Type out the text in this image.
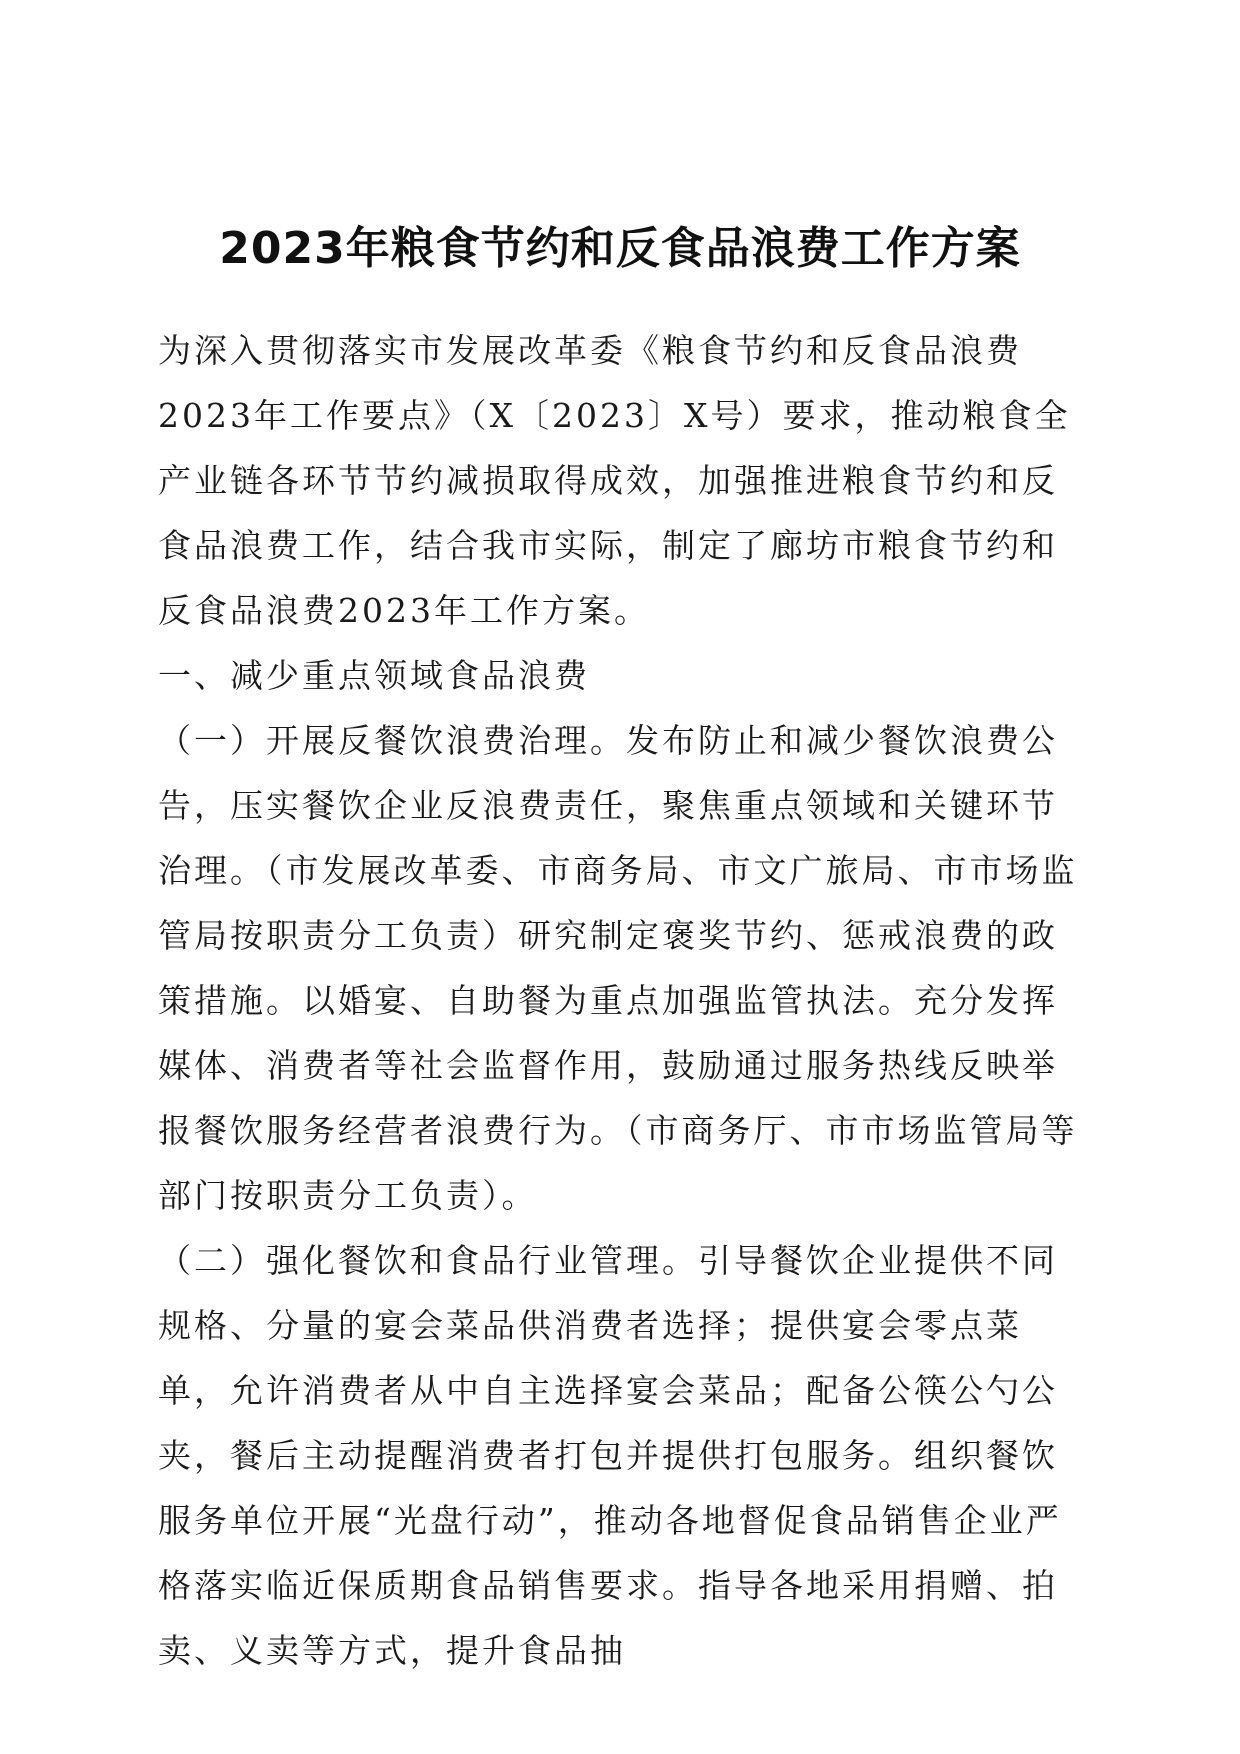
2023年粮食节约和反食品浪费工作方案

为深入贯彻落实市发展改革委《粮食节约和反食品浪费2023年工作要点》（X〔2023〕X号）要求，推动粮食全产业链各环节节约减损取得成效，加强推进粮食节约和反食品浪费工作，结合我市实际，制定了廊坊市粮食节约和反食品浪费2023年工作方案。

一、减少重点领域食品浪费

（一）开展反餐饮浪费治理。发布防止和减少餐饮浪费公告，压实餐饮企业反浪费责任，聚焦重点领域和关键环节治理。（市发展改革委、市商务局、市文广旅局、市市场监管局按职责分工负责）研究制定褒奖节约、惩戒浪费的政策措施。以婚宴、自助餐为重点加强监管执法。充分发挥媒体、消费者等社会监督作用，鼓励通过服务热线反映举报餐饮服务经营者浪费行为。（市商务厅、市市场监管局等部门按职责分工负责）。

（二）强化餐饮和食品行业管理。引导餐饮企业提供不同规格、分量的宴会菜品供消费者选择；提供宴会零点菜单，允许消费者从中自主选择宴会菜品；配备公筷公勺公夹，餐后主动提醒消费者打包并提供打包服务。组织餐饮服务单位开展“光盘行动”，推动各地督促食品销售企业严格落实临近保质期食品销售要求。指导各地采用捐赠、拍卖、义卖等方式，提升食品抽
